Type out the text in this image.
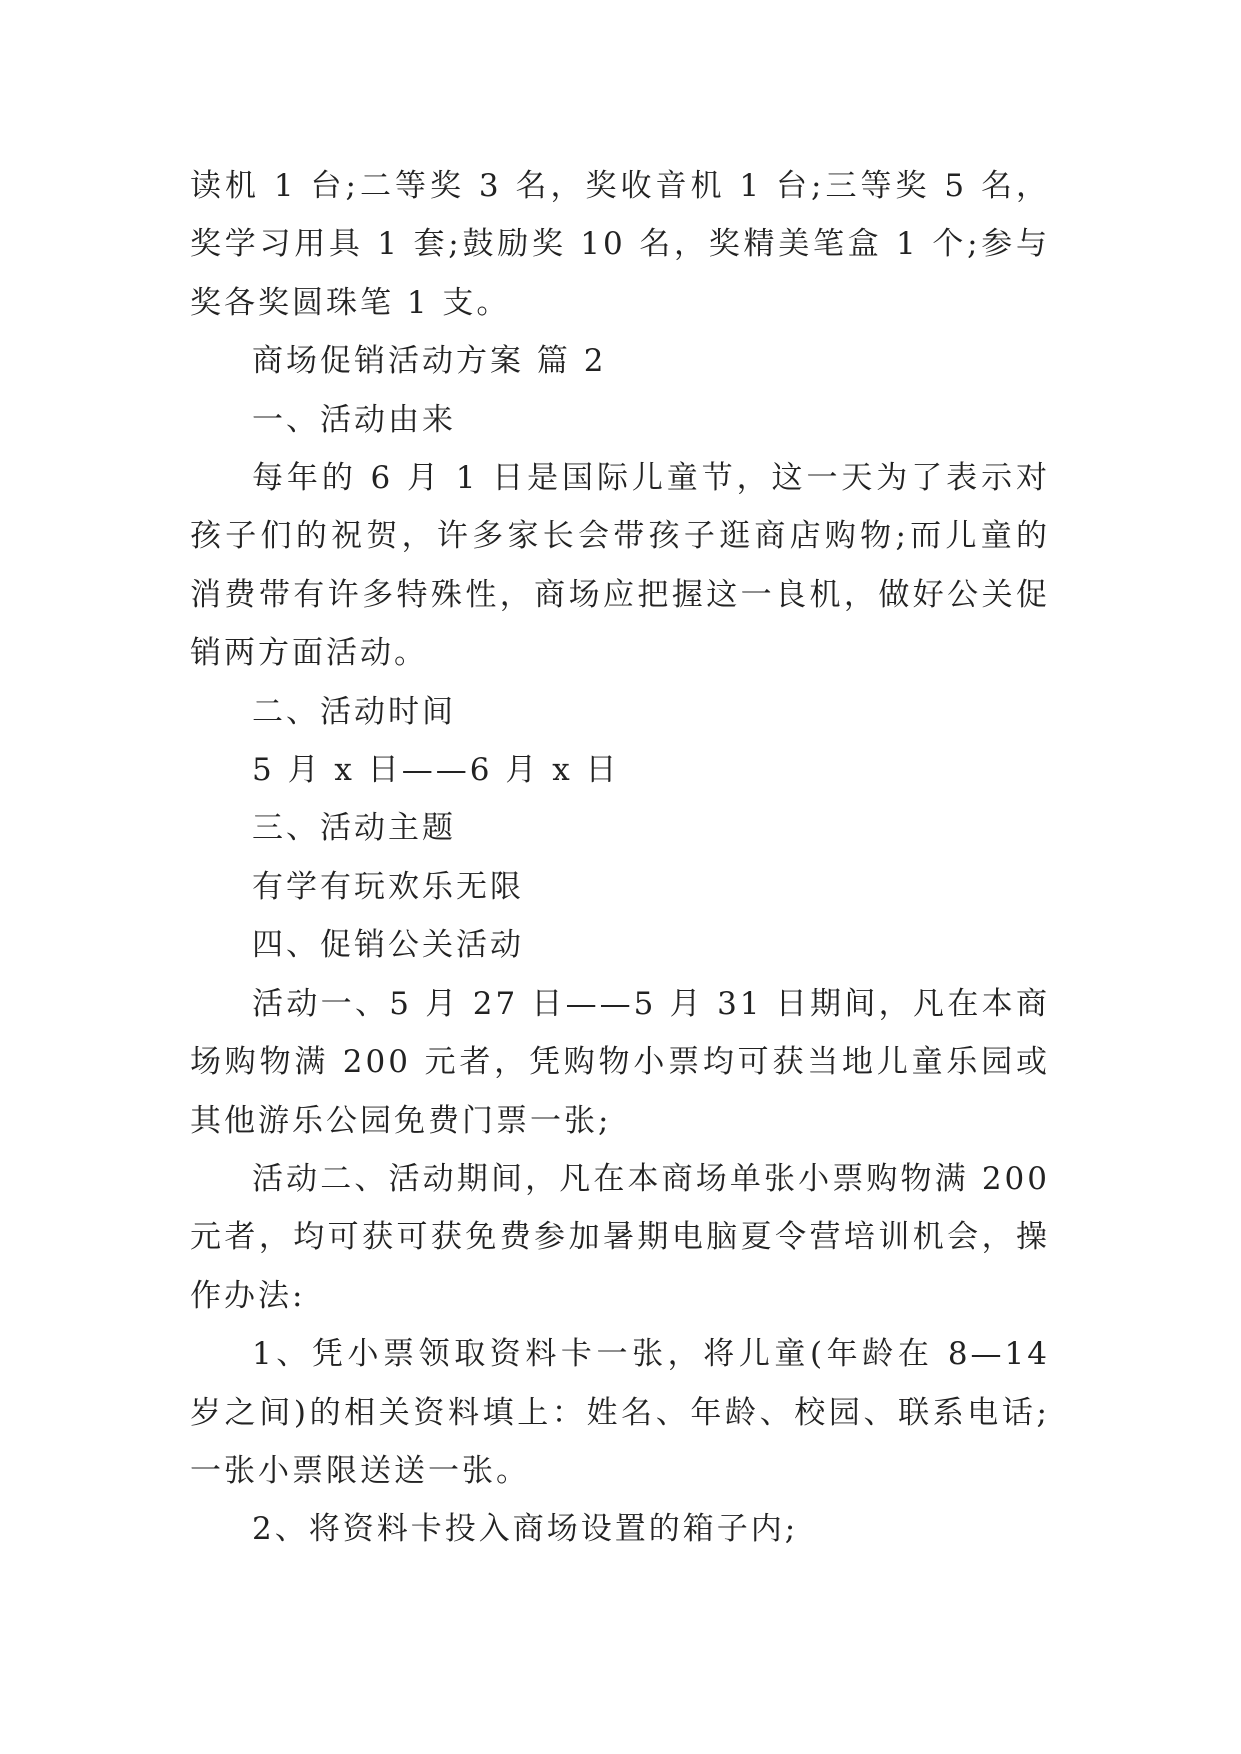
读机 1 台;二等奖 3 名，奖收音机 1 台;三等奖 5 名，奖学习用具 1 套;鼓励奖 10 名，奖精美笔盒 1 个;参与奖各奖圆珠笔 1 支。

商场促销活动方案 篇 2

一、活动由来

每年的 6 月 1 日是国际儿童节，这一天为了表示对孩子们的祝贺，许多家长会带孩子逛商店购物;而儿童的消费带有许多特殊性，商场应把握这一良机，做好公关促销两方面活动。

二、活动时间

5 月 x 日——6 月 x 日

三、活动主题

有学有玩欢乐无限

四、促销公关活动

活动一、5 月 27 日——5 月 31 日期间，凡在本商场购物满 200 元者，凭购物小票均可获当地儿童乐园或其他游乐公园免费门票一张;

活动二、活动期间，凡在本商场单张小票购物满 200 元者，均可获可获免费参加暑期电脑夏令营培训机会，操作办法:

1、凭小票领取资料卡一张，将儿童(年龄在 8—14 岁之间)的相关资料填上：姓名、年龄、校园、联系电话;一张小票限送送一张。

2、将资料卡投入商场设置的箱子内;
